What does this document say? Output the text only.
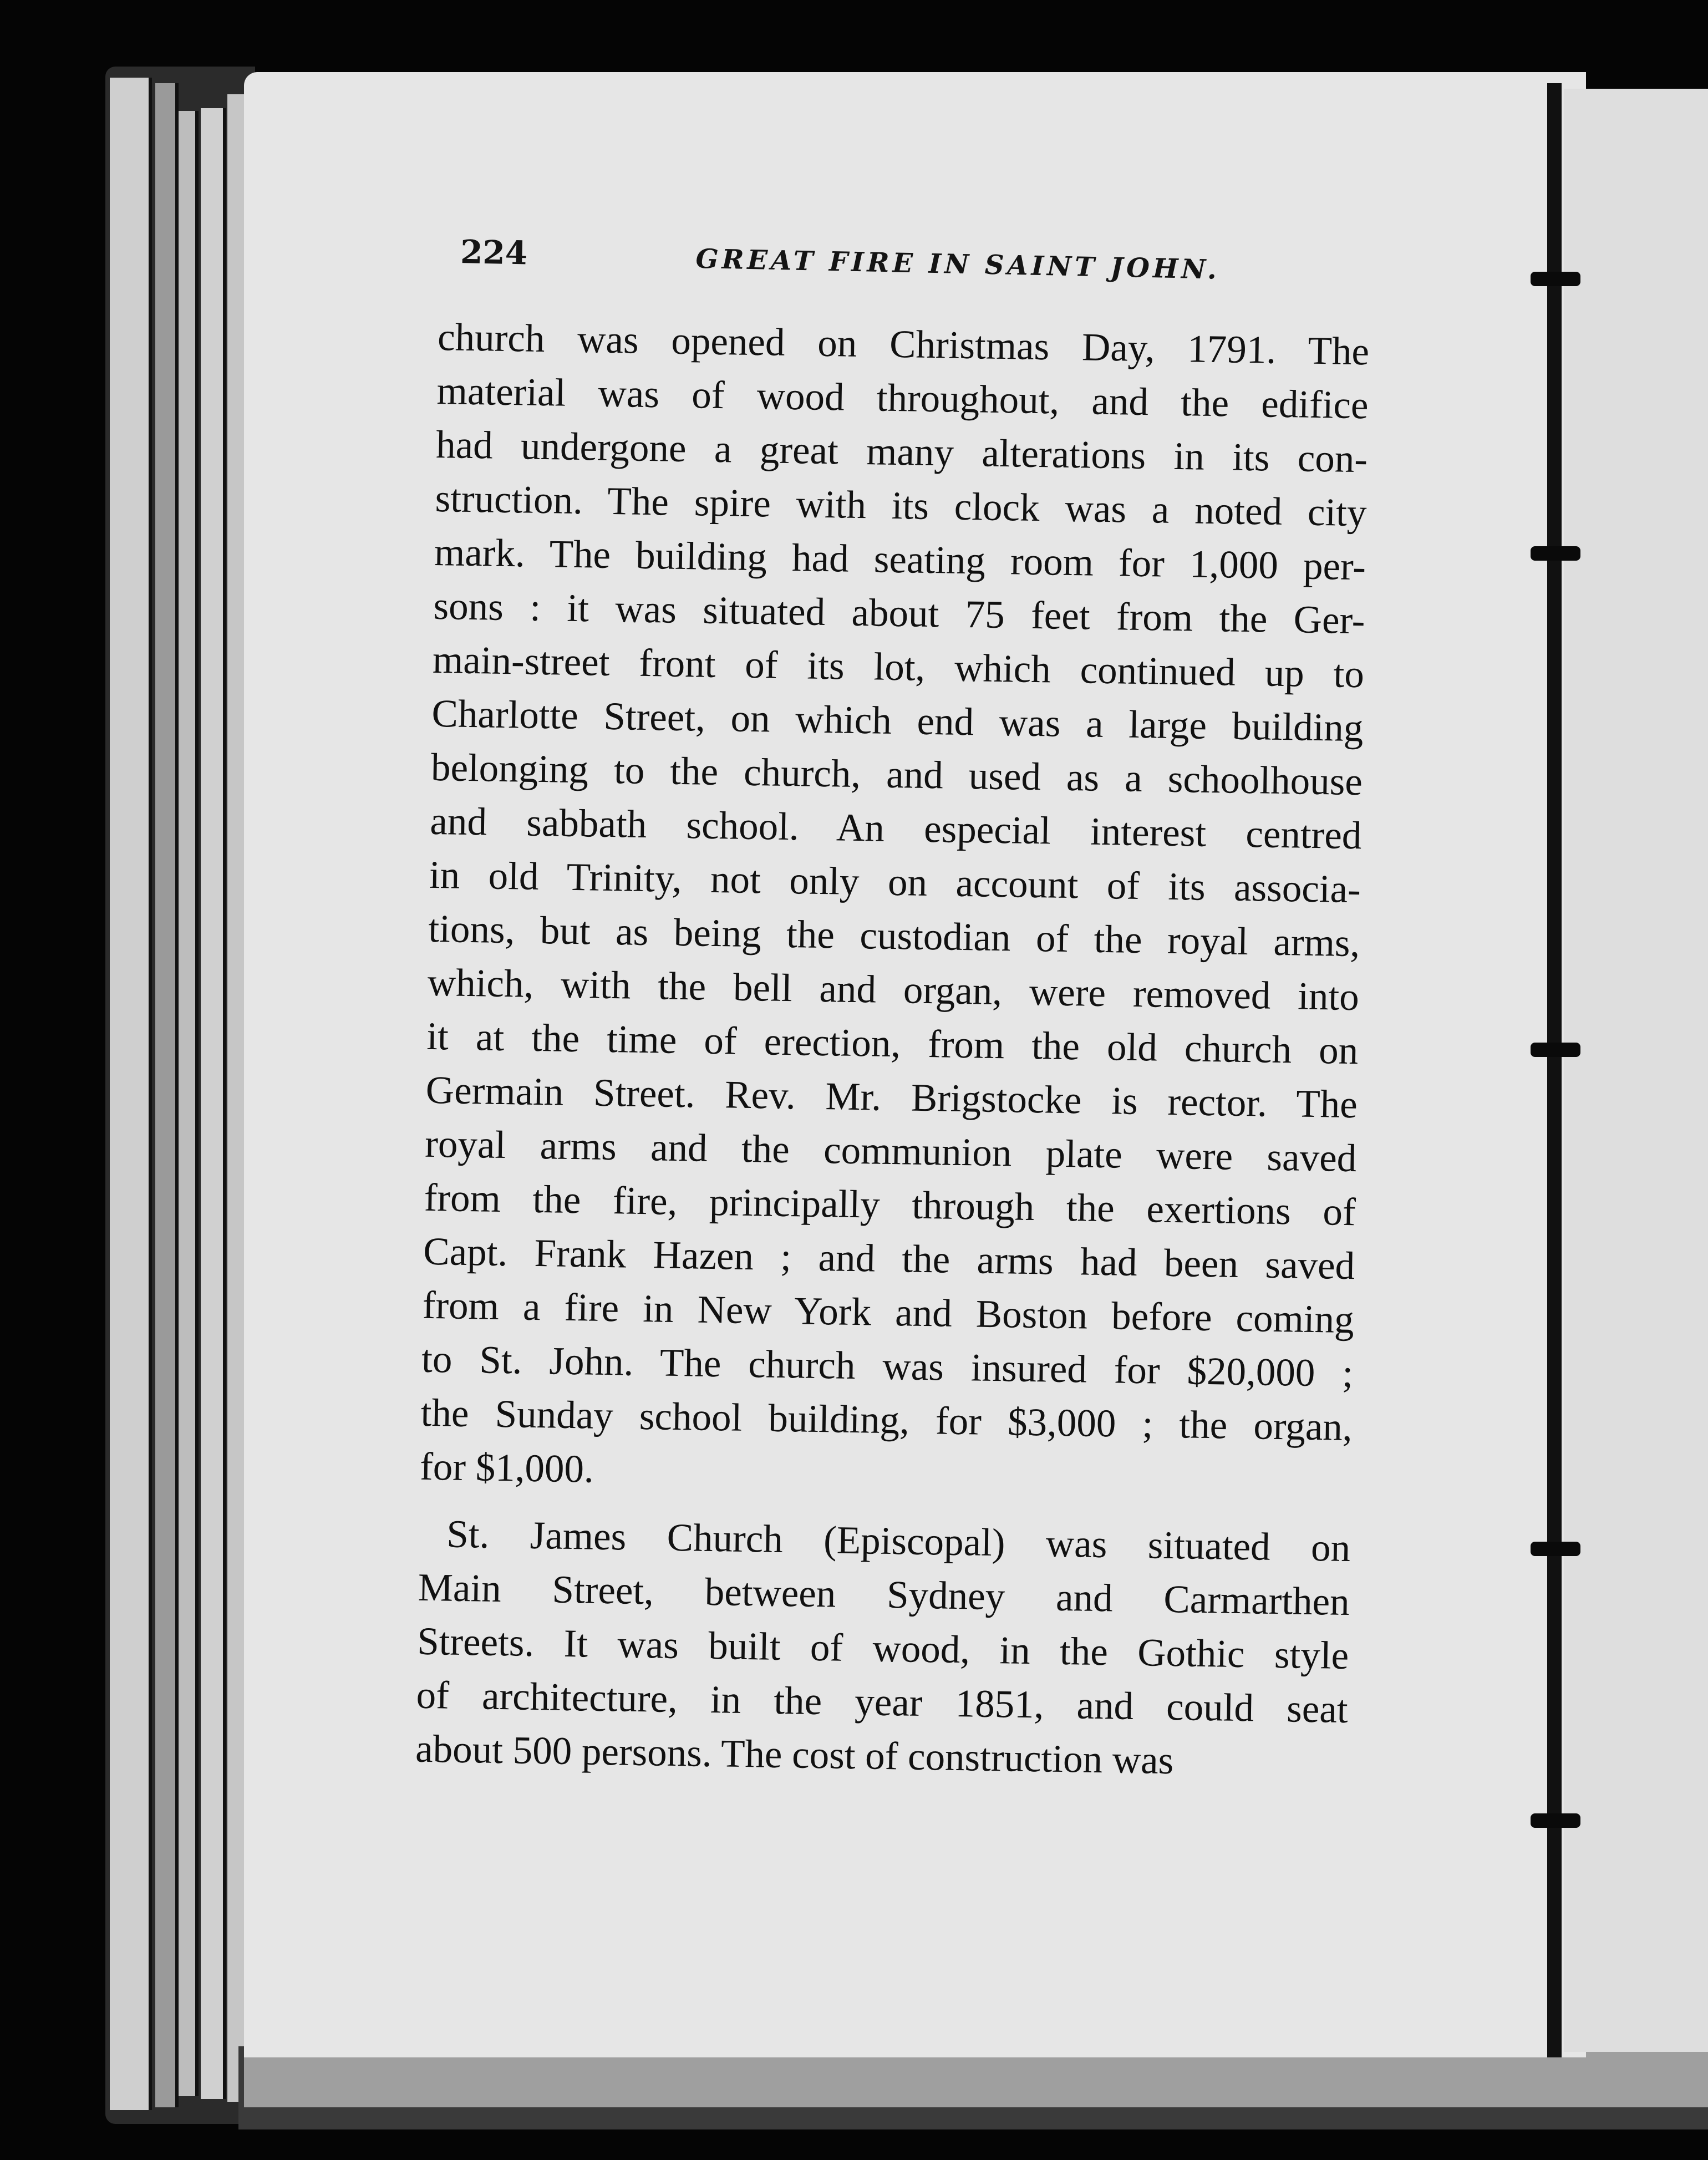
224	GREAT FIRE IN SAINT JOHN.
church was opened on Christmas Day, 1791. The
material was of wood throughout, and the edifice
had undergone a great many alterations in its con-
struction. The spire with its clock was a noted city
mark. The building had seating room for 1,000 per-
sons : it was situated about 75 feet from the Ger-
main-street front of its lot, which continued up to
Charlotte Street, on which end was a large building
belonging to the church, and used as a schoolhouse
and sabbath school. An especial interest centred
in old Trinity, not only on account of its associa-
tions, but as being the custodian of the royal arms,
which, with the bell and organ, were removed into
it at the time of erection, from the old church on
Germain Street. Rev. Mr. Brigstocke is rector. The
royal arms and the communion plate were saved
from the fire, principally through the exertions of
Capt. Frank Hazen ; and the arms had been saved
from a fire in New York and Boston before coming
to St. John. The church was insured for $20,000 ;
the Sunday school building, for $3,000 ; the organ,
for $1,000.
St. James Church (Episcopal) was situated on
Main Street, between Sydney and Carmarthen
Streets. It was built of wood, in the Gothic style
of architecture, in the year 1851, and could seat
about 500 persons. The cost of construction was
